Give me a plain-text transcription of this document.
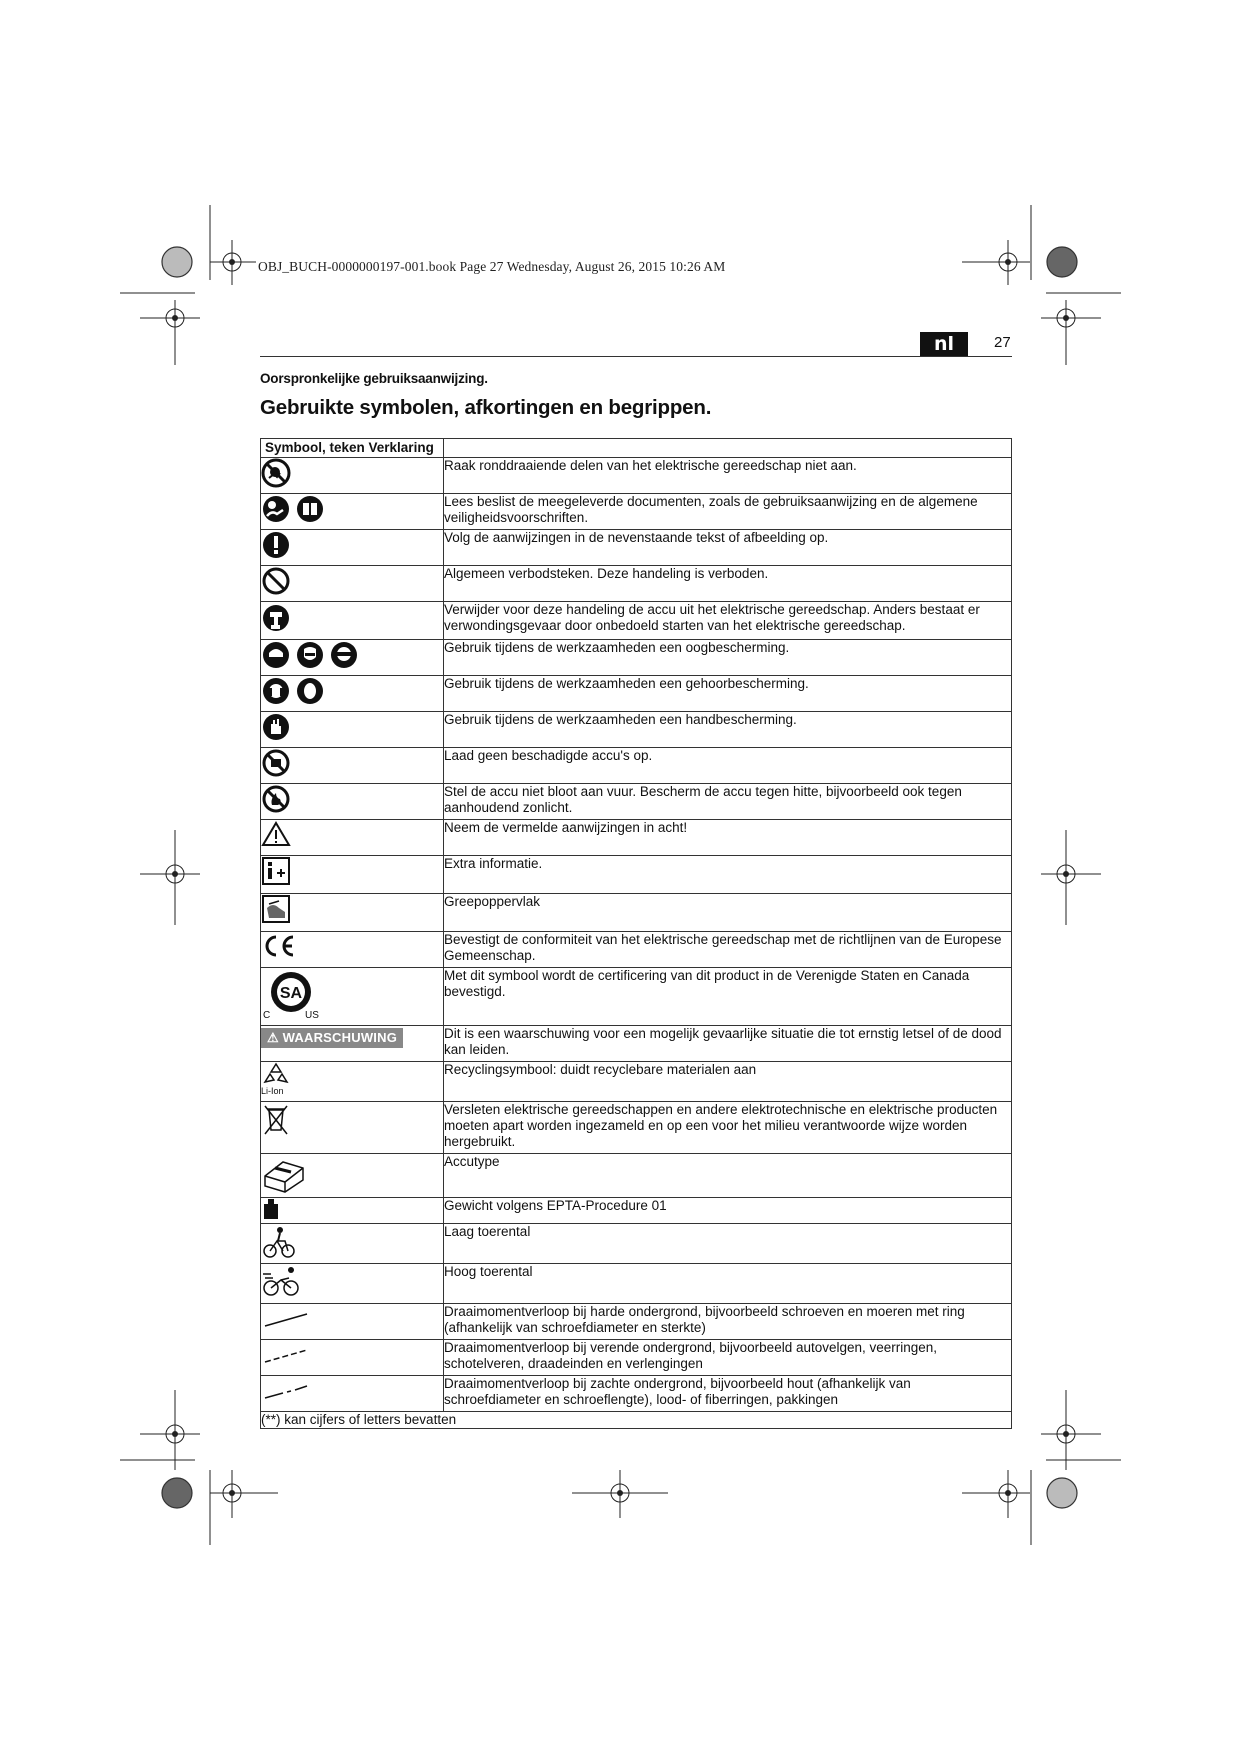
OBJ_BUCH-0000000197-001.book Page 27 Wednesday, August 26, 2015 10:26 AM
nl	27
Oorspronkelijke gebruiksaanwijzing.
Gebruikte symbolen, afkortingen en begrippen.
Symbool, teken Verklaring	

	Raak ronddraaiende delen van het elektrische gereedschap niet aan.

	Lees beslist de meegeleverde documenten, zoals de gebruiksaanwijzing en de algemene veiligheidsvoorschriften.

	Volg de aanwijzingen in de nevenstaande tekst of afbeelding op.

	Algemeen verbodsteken. Deze handeling is verboden.

	Verwijder voor deze handeling de accu uit het elektrische gereedschap. Anders bestaat er verwondingsgevaar door onbedoeld starten van het elektrische gereedschap.

	Gebruik tijdens de werkzaamheden een oogbescherming.

	Gebruik tijdens de werkzaamheden een gehoorbescherming.

	Gebruik tijdens de werkzaamheden een handbescherming.

	Laad geen beschadigde accu's op.

	Stel de accu niet bloot aan vuur. Bescherm de accu tegen hitte, bijvoorbeeld ook tegen aanhoudend zonlicht.

	Neem de vermelde aanwijzingen in acht!

	Extra informatie.

	Greepoppervlak

	Bevestigt de conformiteit van het elektrische gereedschap met de richtlijnen van de Europese Gemeenschap.

SA
C US	Met dit symbool wordt de certificering van dit product in de Verenigde Staten en Canada bevestigd.
⚠ WAARSCHUWING	Dit is een waarschuwing voor een mogelijk gevaarlijke situatie die tot ernstig letsel of de dood kan leiden.

Li-Ion	Recyclingsymbool: duidt recyclebare materialen aan

	Versleten elektrische gereedschappen en andere elektrotechnische en elektrische producten moeten apart worden ingezameld en op een voor het milieu verantwoorde wijze worden hergebruikt.

	Accutype

	Gewicht volgens EPTA-Procedure 01

	Laag toerental

	Hoog toerental

	Draaimomentverloop bij harde ondergrond, bijvoorbeeld schroeven en moeren met ring (afhankelijk van schroefdiameter en sterkte)

	Draaimomentverloop bij verende ondergrond, bijvoorbeeld autovelgen, veerringen, schotelveren, draadeinden en verlengingen

	Draaimomentverloop bij zachte ondergrond, bijvoorbeeld hout (afhankelijk van schroefdiameter en schroeflengte), lood- of fiberringen, pakkingen
(**) kan cijfers of letters bevatten	
